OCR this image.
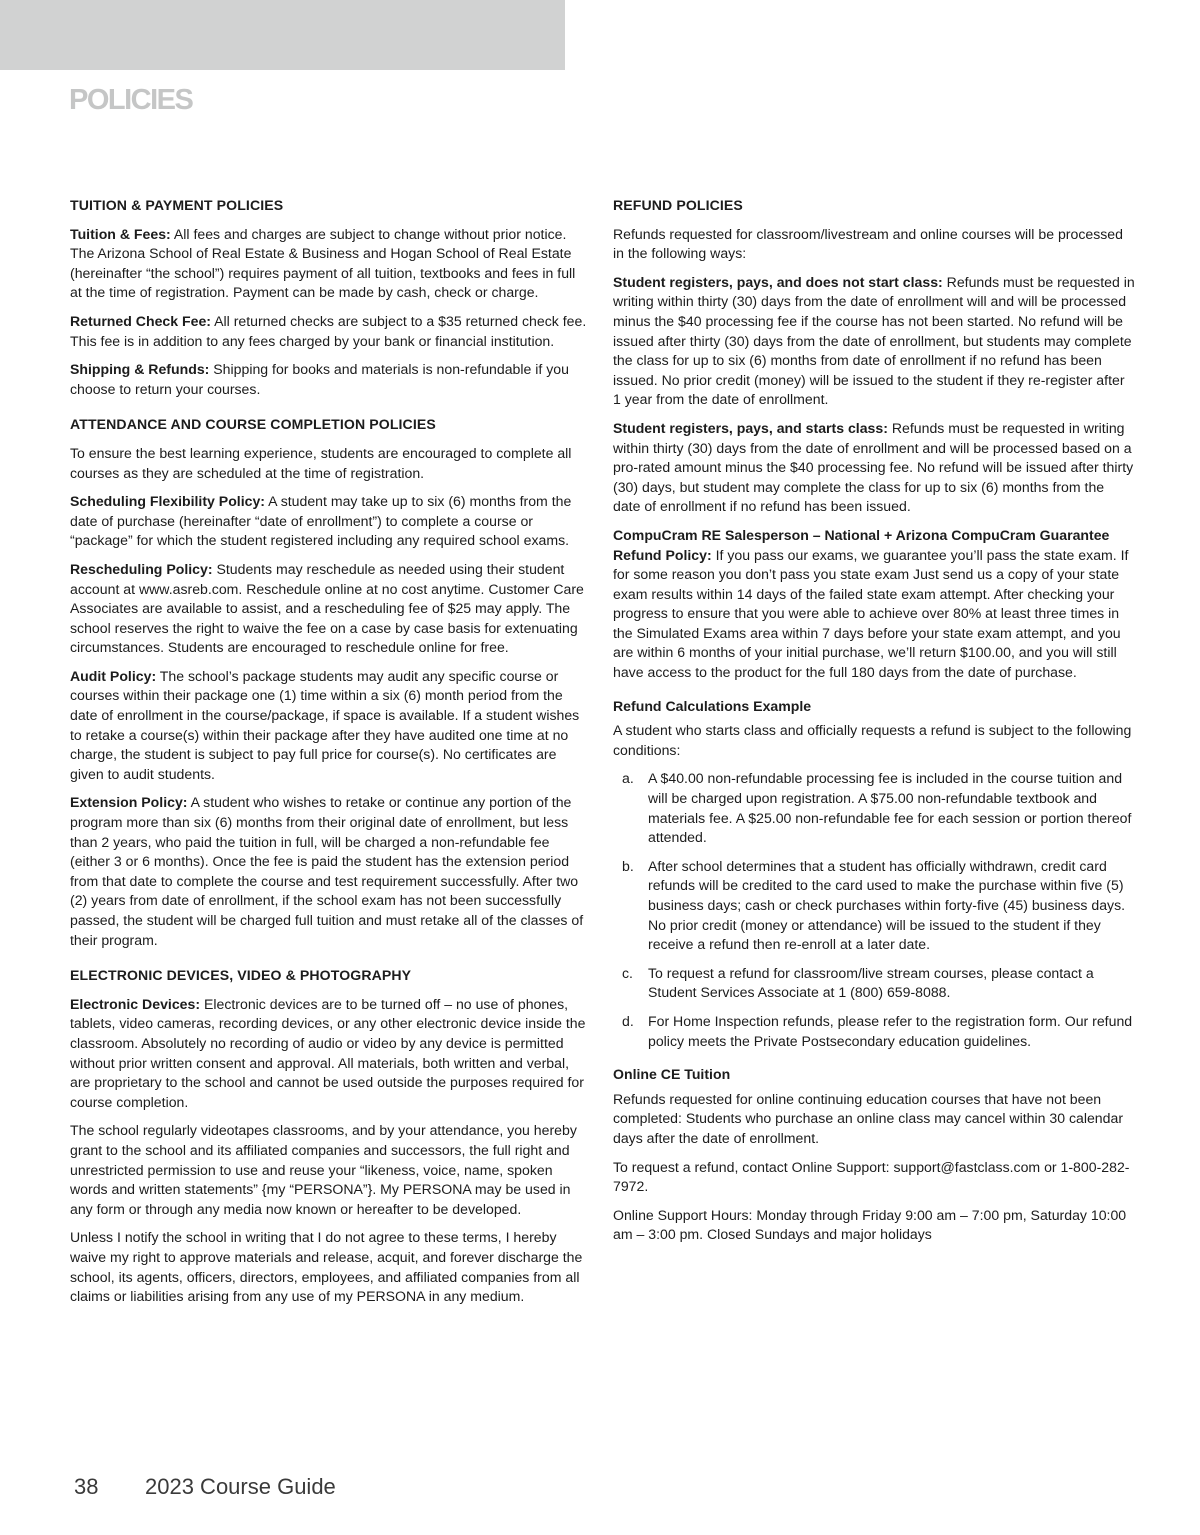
POLICIES
TUITION & PAYMENT POLICIES

Tuition & Fees: All fees and charges are subject to change without prior notice. The Arizona School of Real Estate & Business and Hogan School of Real Estate (hereinafter “the school”) requires payment of all tuition, textbooks and fees in full at the time of registration. Payment can be made by cash, check or charge.

Returned Check Fee: All returned checks are subject to a $35 returned check fee. This fee is in addition to any fees charged by your bank or financial institution.

Shipping & Refunds: Shipping for books and materials is non-refundable if you choose to return your courses.

ATTENDANCE AND COURSE COMPLETION POLICIES

To ensure the best learning experience, students are encouraged to complete all courses as they are scheduled at the time of registration.

Scheduling Flexibility Policy: A student may take up to six (6) months from the date of purchase (hereinafter “date of enrollment”) to complete a course or “package” for which the student registered including any required school exams.

Rescheduling Policy: Students may reschedule as needed using their student account at www.asreb.com. Reschedule online at no cost anytime. Customer Care Associates are available to assist, and a rescheduling fee of $25 may apply. The school reserves the right to waive the fee on a case by case basis for extenuating circumstances. Students are encouraged to reschedule online for free.

Audit Policy: The school’s package students may audit any specific course or courses within their package one (1) time within a six (6) month period from the date of enrollment in the course/package, if space is available. If a student wishes to retake a course(s) within their package after they have audited one time at no charge, the student is subject to pay full price for course(s). No certificates are given to audit students.

Extension Policy: A student who wishes to retake or continue any portion of the program more than six (6) months from their original date of enrollment, but less than 2 years, who paid the tuition in full, will be charged a non-refundable fee (either 3 or 6 months). Once the fee is paid the student has the extension period from that date to complete the course and test requirement successfully. After two (2) years from date of enrollment, if the school exam has not been successfully passed, the student will be charged full tuition and must retake all of the classes of their program.

ELECTRONIC DEVICES, VIDEO & PHOTOGRAPHY

Electronic Devices: Electronic devices are to be turned off – no use of phones, tablets, video cameras, recording devices, or any other electronic device inside the classroom. Absolutely no recording of audio or video by any device is permitted without prior written consent and approval. All materials, both written and verbal, are proprietary to the school and cannot be used outside the purposes required for course completion.

The school regularly videotapes classrooms, and by your attendance, you hereby grant to the school and its affiliated companies and successors, the full right and unrestricted permission to use and reuse your “likeness, voice, name, spoken words and written statements” {my “PERSONA”}. My PERSONA may be used in any form or through any media now known or hereafter to be developed.

Unless I notify the school in writing that I do not agree to these terms, I hereby waive my right to approve materials and release, acquit, and forever discharge the school, its agents, officers, directors, employees, and affiliated companies from all claims or liabilities arising from any use of my PERSONA in any medium.

REFUND POLICIES

Refunds requested for classroom/livestream and online courses will be processed in the following ways:

Student registers, pays, and does not start class: Refunds must be requested in writing within thirty (30) days from the date of enrollment will and will be processed minus the $40 processing fee if the course has not been started. No refund will be issued after thirty (30) days from the date of enrollment, but students may complete the class for up to six (6) months from date of enrollment if no refund has been issued. No prior credit (money) will be issued to the student if they re-register after 1 year from the date of enrollment.

Student registers, pays, and starts class: Refunds must be requested in writing within thirty (30) days from the date of enrollment and will be processed based on a pro-rated amount minus the $40 processing fee. No refund will be issued after thirty (30) days, but student may complete the class for up to six (6) months from the date of enrollment if no refund has been issued.

CompuCram RE Salesperson – National + Arizona CompuCram Guarantee Refund Policy: If you pass our exams, we guarantee you’ll pass the state exam. If for some reason you don’t pass you state exam Just send us a copy of your state exam results within 14 days of the failed state exam attempt. After checking your progress to ensure that you were able to achieve over 80% at least three times in the Simulated Exams area within 7 days before your state exam attempt, and you are within 6 months of your initial purchase, we’ll return $100.00, and you will still have access to the product for the full 180 days from the date of purchase.

Refund Calculations Example

A student who starts class and officially requests a refund is subject to the following conditions:

a. A $40.00 non-refundable processing fee is included in the course tuition and will be charged upon registration. A $75.00 non-refundable textbook and materials fee. A $25.00 non-refundable fee for each session or portion thereof attended.
b. After school determines that a student has officially withdrawn, credit card refunds will be credited to the card used to make the purchase within five (5) business days; cash or check purchases within forty-five (45) business days. No prior credit (money or attendance) will be issued to the student if they receive a refund then re-enroll at a later date.
c. To request a refund for classroom/live stream courses, please contact a Student Services Associate at 1 (800) 659-8088.
d. For Home Inspection refunds, please refer to the registration form. Our refund policy meets the Private Postsecondary education guidelines.
Online CE Tuition

Refunds requested for online continuing education courses that have not been completed: Students who purchase an online class may cancel within 30 calendar days after the date of enrollment.

To request a refund, contact Online Support: support@fastclass.com or 1-800-282-7972.

Online Support Hours: Monday through Friday 9:00 am – 7:00 pm, Saturday 10:00 am – 3:00 pm. Closed Sundays and major holidays

38 2023 Course Guide
